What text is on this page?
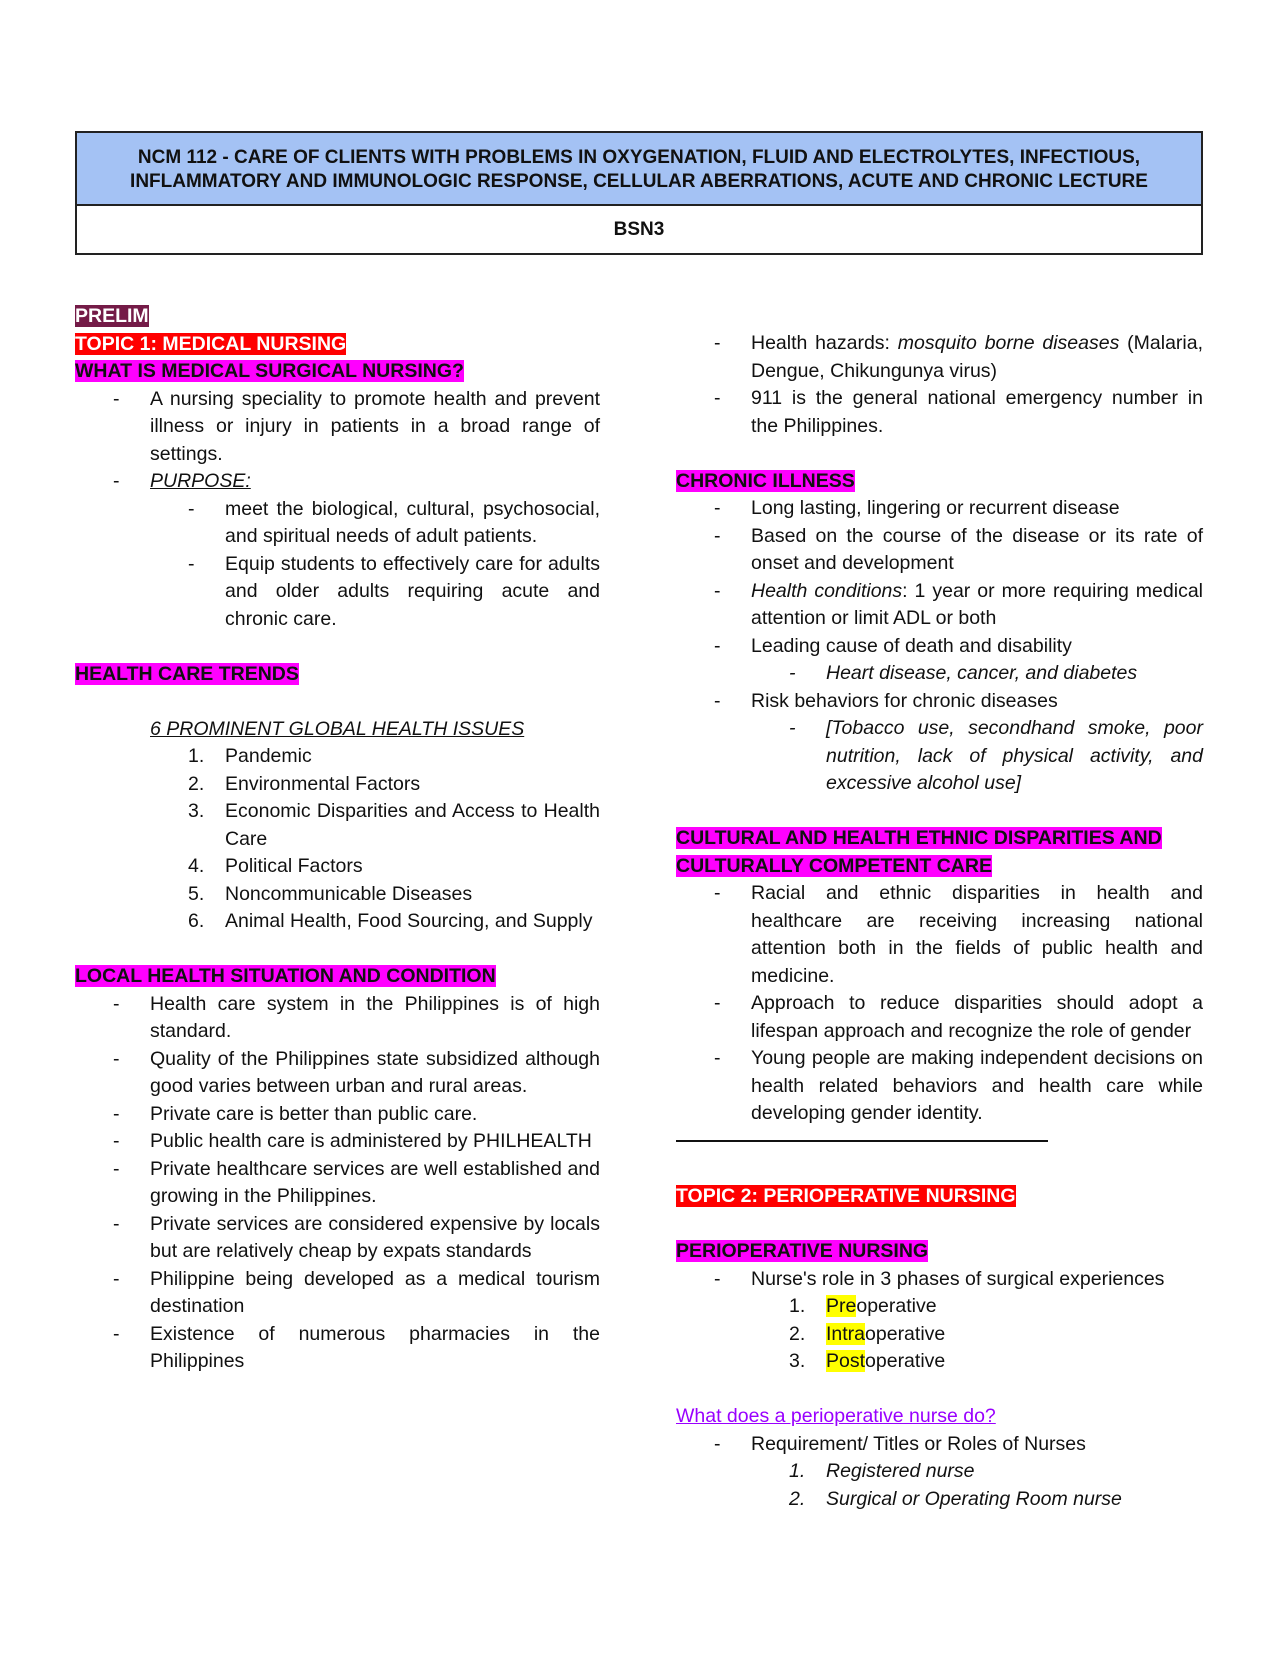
NCM 112 - CARE OF CLIENTS WITH PROBLEMS IN OXYGENATION, FLUID AND ELECTROLYTES, INFECTIOUS, INFLAMMATORY AND IMMUNOLOGIC RESPONSE, CELLULAR ABERRATIONS, ACUTE AND CHRONIC LECTURE
BSN3

PRELIM

TOPIC 1: MEDICAL NURSING

WHAT IS MEDICAL SURGICAL NURSING?

- A nursing speciality to promote health and prevent illness or injury in patients in a broad range of settings.
- PURPOSE:
- meet the biological, cultural, psychosocial, and spiritual needs of adult patients.
- Equip students to effectively care for adults and older adults requiring acute and chronic care.

HEALTH CARE TRENDS

6 PROMINENT GLOBAL HEALTH ISSUES

1. Pandemic
2. Environmental Factors
3. Economic Disparities and Access to Health Care
4. Political Factors
5. Noncommunicable Diseases
6. Animal Health, Food Sourcing, and Supply

LOCAL HEALTH SITUATION AND CONDITION

- Health care system in the Philippines is of high standard.
- Quality of the Philippines state subsidized although good varies between urban and rural areas.
- Private care is better than public care.
- Public health care is administered by PHILHEALTH
- Private healthcare services are well established and growing in the Philippines.
- Private services are considered expensive by locals but are relatively cheap by expats standards
- Philippine being developed as a medical tourism destination
- Existence of numerous pharmacies in the Philippines
- Health hazards: mosquito borne diseases (Malaria, Dengue, Chikungunya virus)
- 911 is the general national emergency number in the Philippines.

CHRONIC ILLNESS

- Long lasting, lingering or recurrent disease
- Based on the course of the disease or its rate of onset and development
- Health conditions: 1 year or more requiring medical attention or limit ADL or both
- Leading cause of death and disability
- Heart disease, cancer, and diabetes
- Risk behaviors for chronic diseases
- [Tobacco use, secondhand smoke, poor nutrition, lack of physical activity, and excessive alcohol use]

CULTURAL AND HEALTH ETHNIC DISPARITIES AND

CULTURALLY COMPETENT CARE

- Racial and ethnic disparities in health and healthcare are receiving increasing national attention both in the fields of public health and medicine.
- Approach to reduce disparities should adopt a lifespan approach and recognize the role of gender
- Young people are making independent decisions on health related behaviors and health care while developing gender identity.

TOPIC 2: PERIOPERATIVE NURSING

PERIOPERATIVE NURSING

- Nurse's role in 3 phases of surgical experiences
1. Preoperative
2. Intraoperative
3. Postoperative

What does a perioperative nurse do?

- Requirement/ Titles or Roles of Nurses
1. Registered nurse
2. Surgical or Operating Room nurse
